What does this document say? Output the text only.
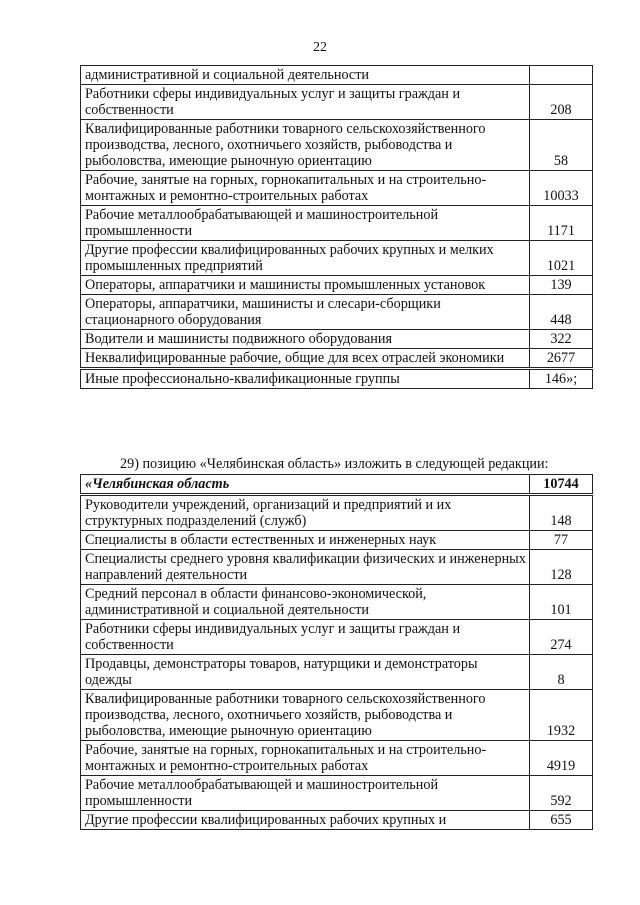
22
административной и социальной деятельности	
Работники сферы индивидуальных услуг и защиты граждан и собственности	208
Квалифицированные работники товарного сельскохозяйственного производства, лесного, охотничьего хозяйств, рыбоводства и рыболовства, имеющие рыночную ориентацию	58
Рабочие, занятые на горных, горнокапитальных и на строительно-монтажных и ремонтно-строительных работах	10033
Рабочие металлообрабатывающей и машиностроительной промышленности	1171
Другие профессии квалифицированных рабочих крупных и мелких промышленных предприятий	1021
Операторы, аппаратчики и машинисты промышленных установок	139
Операторы, аппаратчики, машинисты и слесари-сборщики стационарного оборудования	448
Водители и машинисты подвижного оборудования	322
Неквалифицированные рабочие, общие для всех отраслей экономики	2677
Иные профессионально-квалификационные группы	146»;
29) позицию «Челябинская область» изложить в следующей редакции:
«Челябинская область	10744
Руководители учреждений, организаций и предприятий и их структурных подразделений (служб)	148
Специалисты в области естественных и инженерных наук	77
Специалисты среднего уровня квалификации физических и инженерных направлений деятельности	128
Средний персонал в области финансово-экономической, административной и социальной деятельности	101
Работники сферы индивидуальных услуг и защиты граждан и собственности	274
Продавцы, демонстраторы товаров, натурщики и демонстраторы одежды	8
Квалифицированные работники товарного сельскохозяйственного производства, лесного, охотничьего хозяйств, рыбоводства и рыболовства, имеющие рыночную ориентацию	1932
Рабочие, занятые на горных, горнокапитальных и на строительно-монтажных и ремонтно-строительных работах	4919
Рабочие металлообрабатывающей и машиностроительной промышленности	592
Другие профессии квалифицированных рабочих крупных и	655
